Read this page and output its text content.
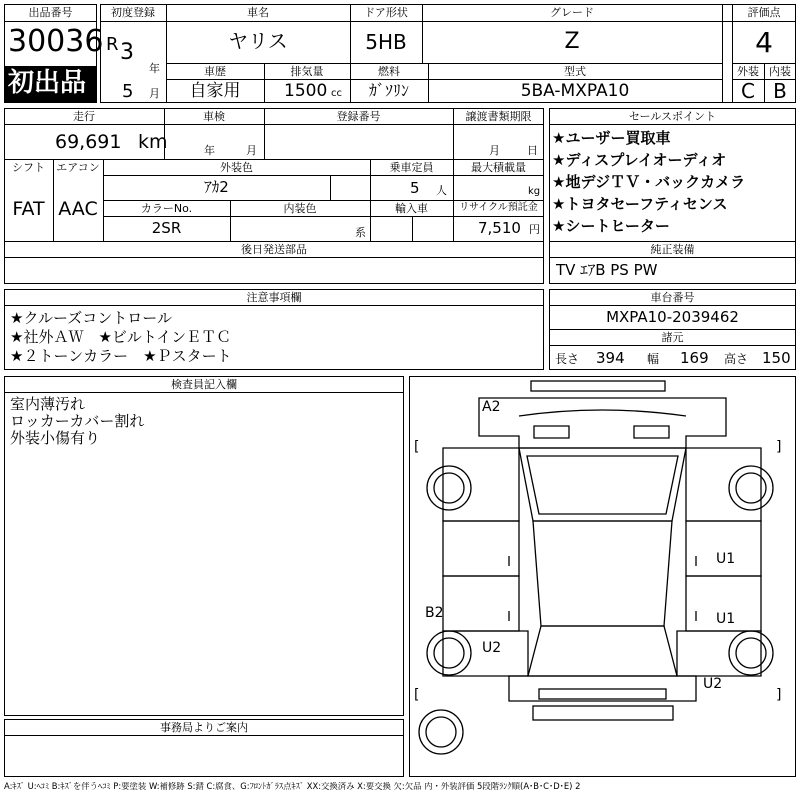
出品番号
30036
初出品
初度登録
R 3
年
5 月
車名
ヤリス
ドア形状
5HB
グレード
Z
評価点
4
車歴
自家用
排気量
1500 cc
燃料
ｶﾞｿﾘﾝ
型式
5BA-MXPA10
外装
C
内装
B
走行
69,691 km
車検
年	月
登録番号	譲渡書類期限
月 日
シフト
FAT
エアコン
AAC
外装色
ｱｶ2
乗車定員
5 人
最大積載量
kg
カラーNo.
2SR
内装色
系
輸入車	リサイクル預託金
7,510 円
後日発送部品
セールスポイント
★ユーザー買取車
★ディスプレイオーディオ
★地デジＴＶ・バックカメラ
★トヨタセーフティセンス
★シートヒーター
純正装備
TV ｴｱB PS PW
注意事項欄
★クルーズコントロール
★社外ＡＷ　★ビルトインＥＴＣ
★２トーンカラー　★Ｐスタート
車台番号
MXPA10-2039462
諸元
長さ 394 幅 169 高さ 150
検査員記入欄
室内薄汚れ
ロッカーカバー割れ
外装小傷有り
事務局よりご案内
[	]
[	]
A2
U1
U1
B2
U2
U2
A:ｷｽﾞ U:ﾍｺﾐ B:ｷｽﾞを伴うﾍｺﾐ P:要塗装 W:補修跡 S:錆 C:腐食、G:ﾌﾛﾝﾄｶﾞﾗｽ点ｷｽﾞ XX:交換済み X:要交換 欠:欠品 内・外装評価 5段階ﾗﾝｸ順(A･B･C･D･E) 2
